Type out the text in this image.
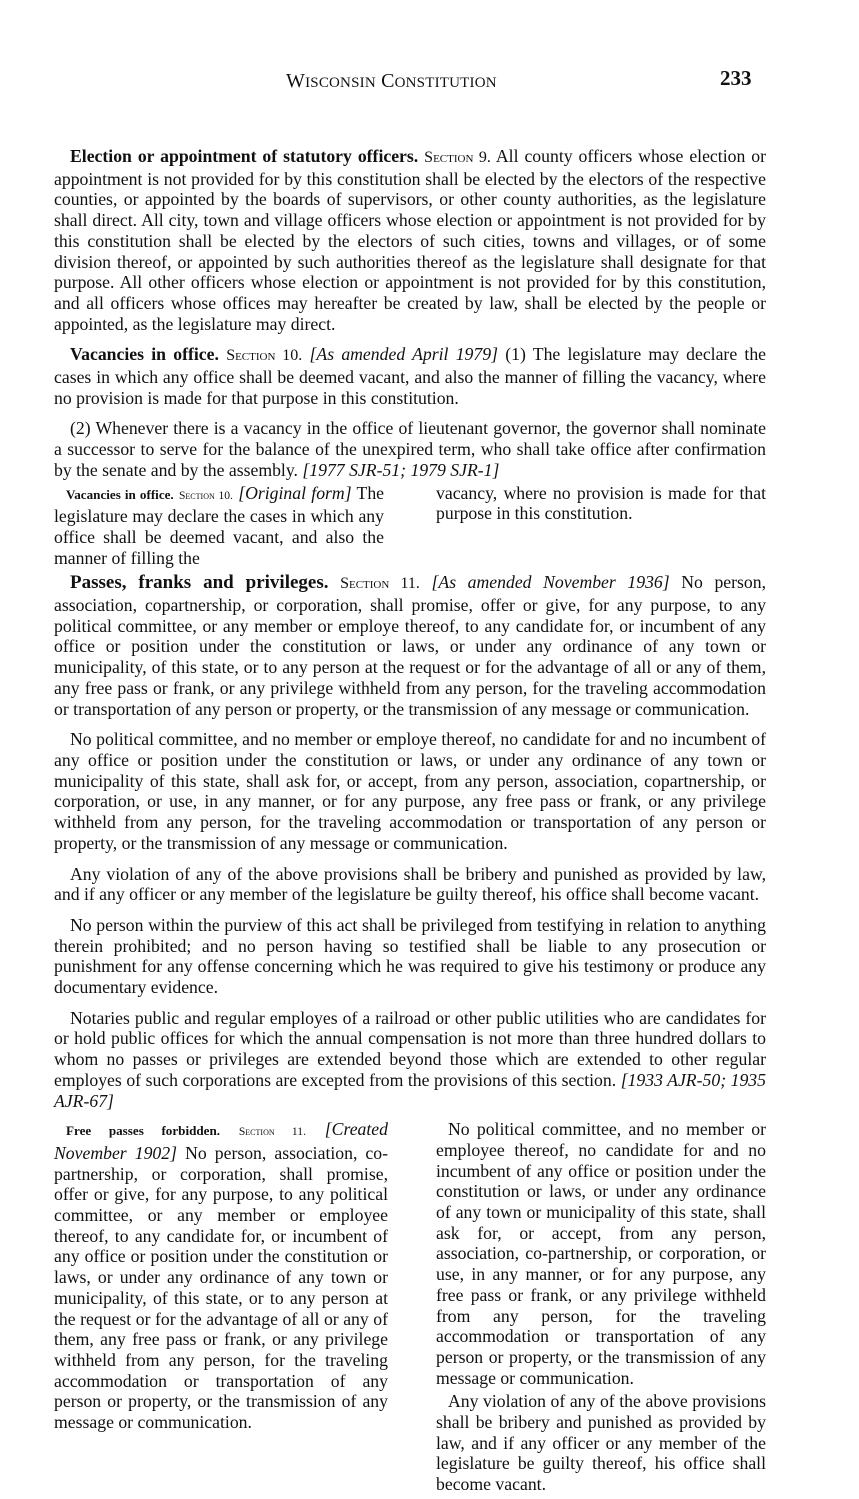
WISCONSIN CONSTITUTION	233

Election or appointment of statutory officers. Section 9. All county officers whose election or appointment is not provided for by this constitution shall be elected by the electors of the respective counties, or appointed by the boards of supervisors, or other county authorities, as the legislature shall direct. All city, town and village officers whose election or appointment is not provided for by this constitution shall be elected by the electors of such cities, towns and villages, or of some division thereof, or appointed by such authorities thereof as the legislature shall designate for that purpose. All other officers whose election or appointment is not provided for by this constitution, and all officers whose offices may hereafter be created by law, shall be elected by the people or appointed, as the legislature may direct.

Vacancies in office. Section 10. [As amended April 1979] (1) The legislature may declare the cases in which any office shall be deemed vacant, and also the manner of filling the vacancy, where no provision is made for that purpose in this constitution.

(2) Whenever there is a vacancy in the office of lieutenant governor, the governor shall nominate a successor to serve for the balance of the unexpired term, who shall take office after confirmation by the senate and by the assembly. [1977 SJR-51; 1979 SJR-1]

Vacancies in office. Section 10. [Original form] The legislature may declare the cases in which any office shall be deemed vacant, and also the manner of filling the

vacancy, where no provision is made for that purpose in this constitution.

Passes, franks and privileges. Section 11. [As amended November 1936] No person, association, copartnership, or corporation, shall promise, offer or give, for any purpose, to any political committee, or any member or employe thereof, to any candidate for, or incumbent of any office or position under the constitution or laws, or under any ordinance of any town or municipality, of this state, or to any person at the request or for the advantage of all or any of them, any free pass or frank, or any privilege withheld from any person, for the traveling accommodation or transportation of any person or property, or the transmission of any message or communication.

No political committee, and no member or employe thereof, no candidate for and no incumbent of any office or position under the constitution or laws, or under any ordinance of any town or municipality of this state, shall ask for, or accept, from any person, association, copartnership, or corporation, or use, in any manner, or for any purpose, any free pass or frank, or any privilege withheld from any person, for the traveling accommodation or transportation of any person or property, or the transmission of any message or communication.

Any violation of any of the above provisions shall be bribery and punished as provided by law, and if any officer or any member of the legislature be guilty thereof, his office shall become vacant.

No person within the purview of this act shall be privileged from testifying in relation to anything therein prohibited; and no person having so testified shall be liable to any prosecution or punishment for any offense concerning which he was required to give his testimony or produce any documentary evidence.

Notaries public and regular employes of a railroad or other public utilities who are candidates for or hold public offices for which the annual compensation is not more than three hundred dollars to whom no passes or privileges are extended beyond those which are extended to other regular employes of such corporations are excepted from the provisions of this section. [1933 AJR-50; 1935 AJR-67]

Free passes forbidden. Section 11. [Created November 1902] No person, association, co-partnership, or corporation, shall promise, offer or give, for any purpose, to any political committee, or any member or employee thereof, to any candidate for, or incumbent of any office or position under the constitution or laws, or under any ordinance of any town or municipality, of this state, or to any person at the request or for the advantage of all or any of them, any free pass or frank, or any privilege withheld from any person, for the traveling accommodation or transportation of any person or property, or the transmission of any message or communication.

No political committee, and no member or employee thereof, no candidate for and no incumbent of any office or position under the constitution or laws, or under any ordinance of any town or municipality of this state, shall ask for, or accept, from any person, association, co-partnership, or corporation, or use, in any manner, or for any purpose, any free pass or frank, or any privilege withheld from any person, for the traveling accommodation or transportation of any person or property, or the transmission of any message or communication.

Any violation of any of the above provisions shall be bribery and punished as provided by law, and if any officer or any member of the legislature be guilty thereof, his office shall become vacant.
